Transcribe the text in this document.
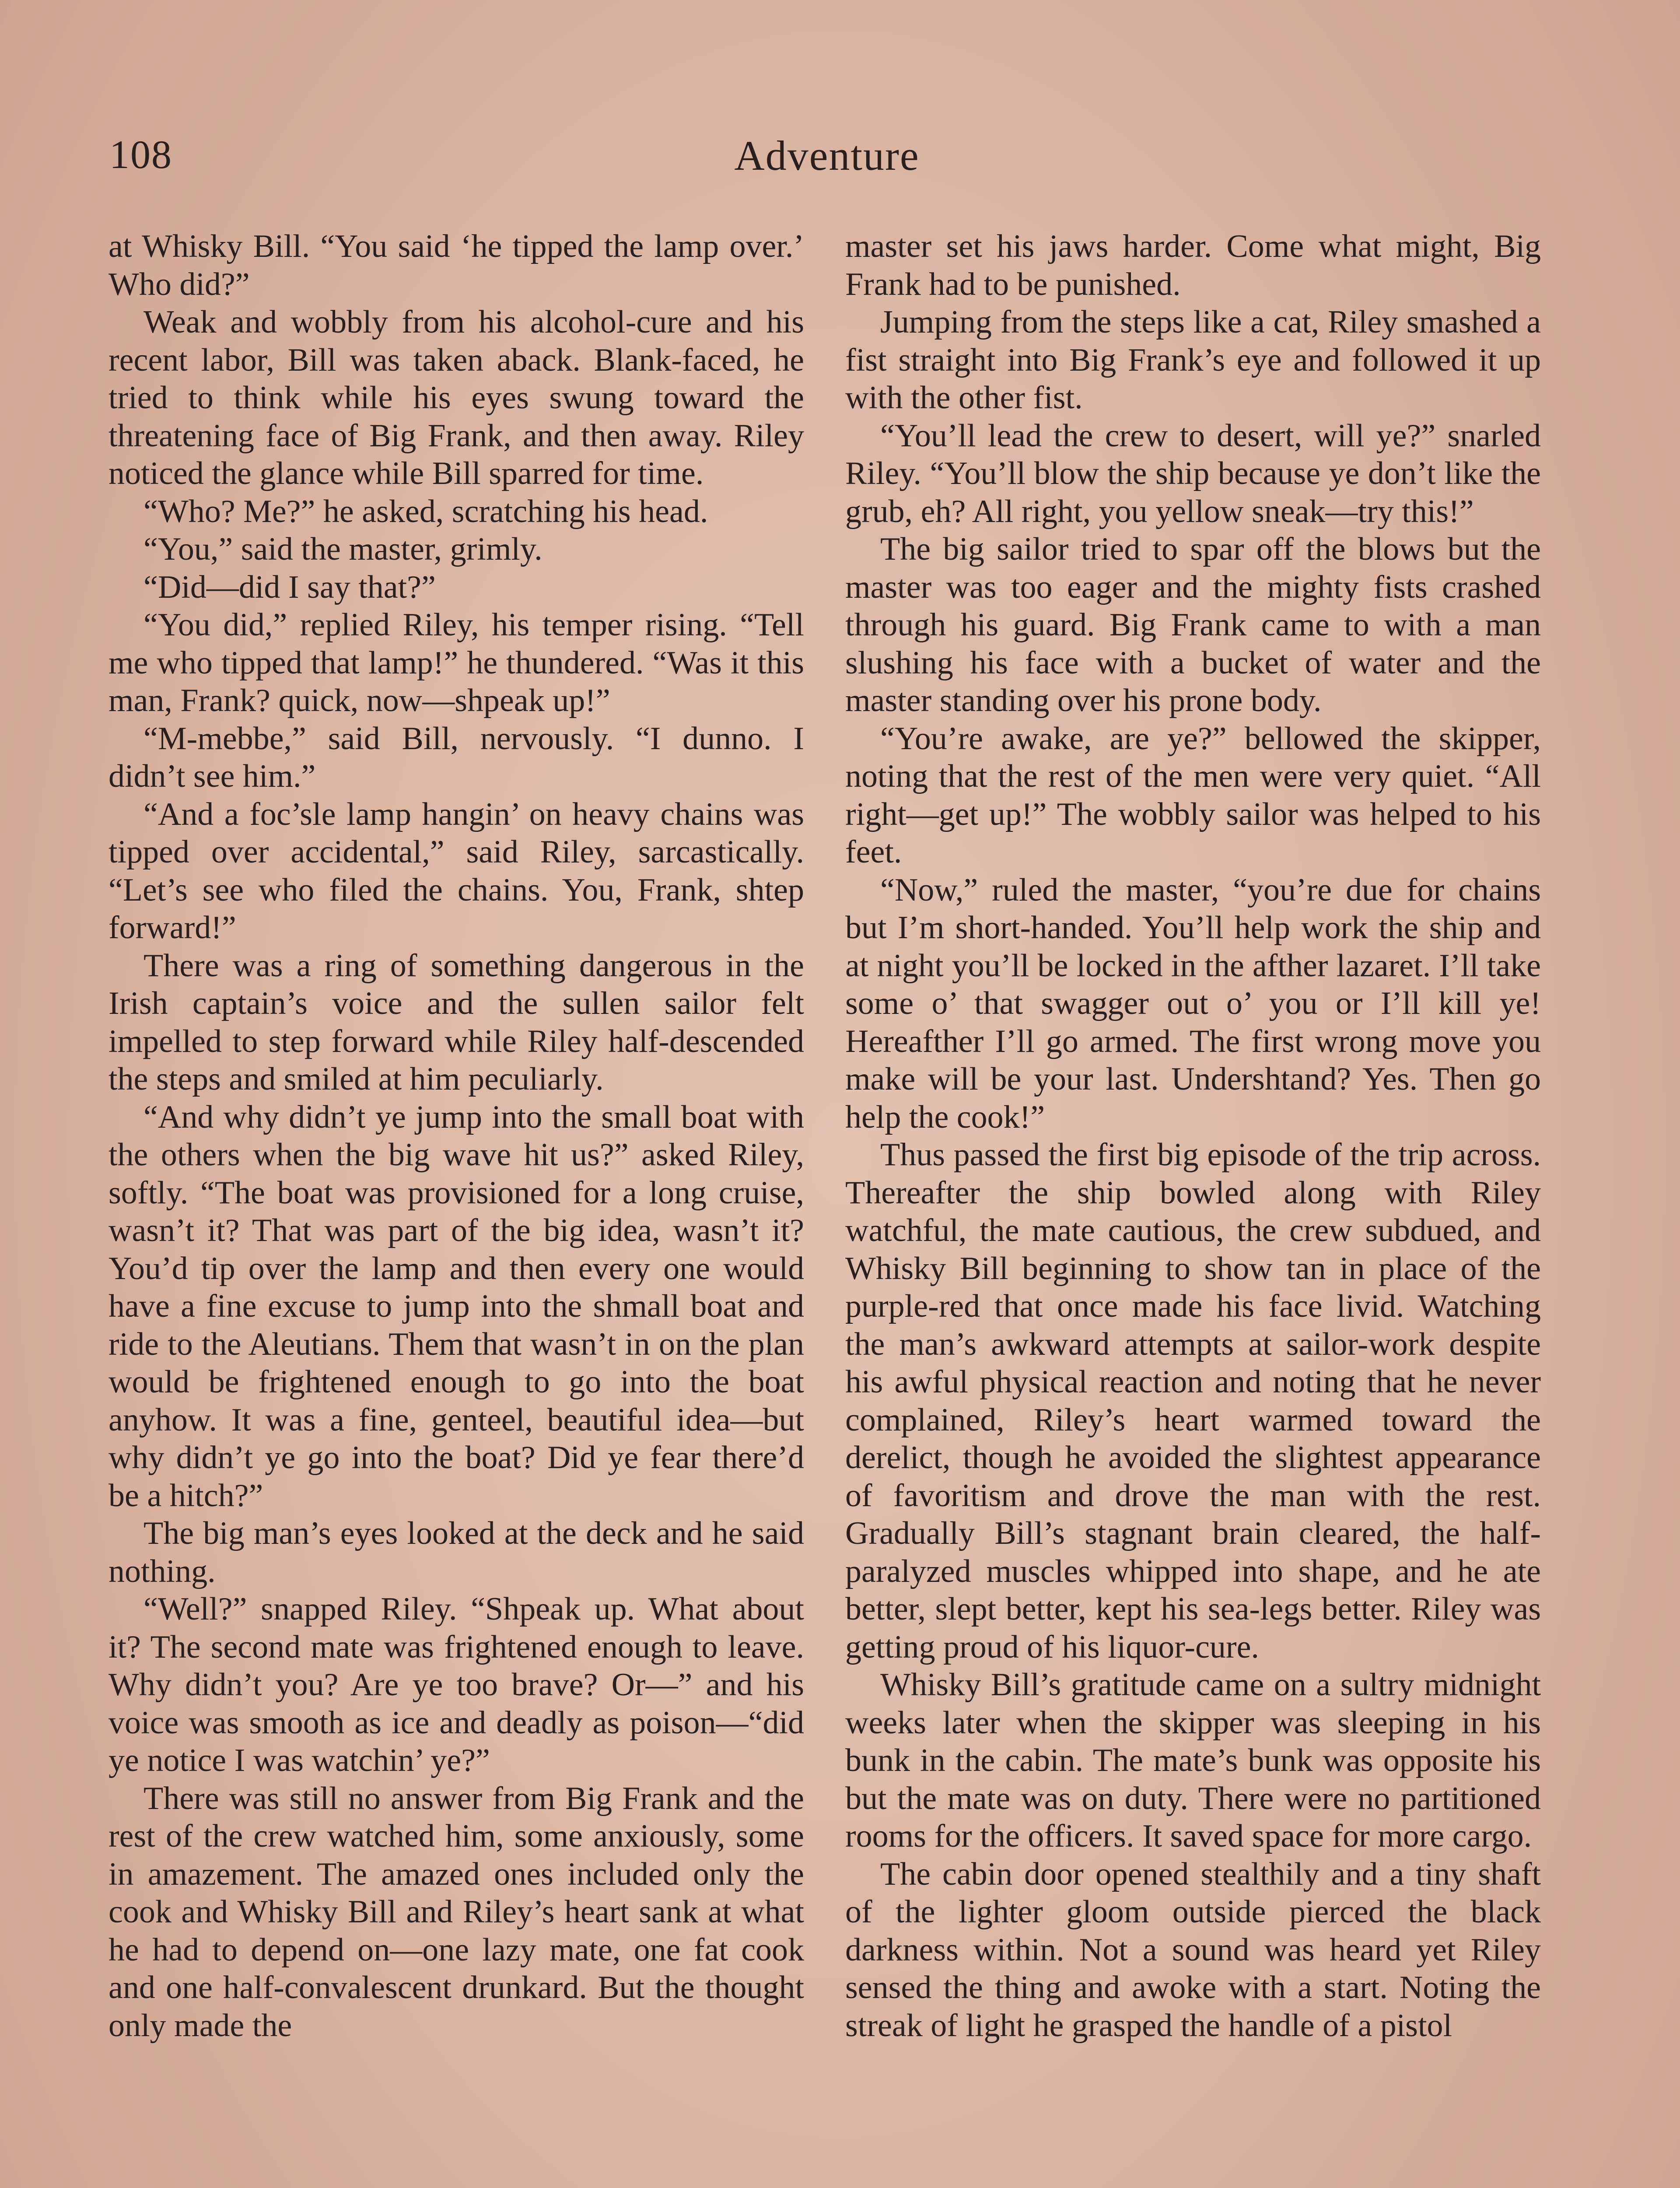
108	Adventure

at Whisky Bill. “You said ‘he tipped the lamp over.’ Who did?”

Weak and wobbly from his alcohol-cure and his recent labor, Bill was taken aback. Blank-faced, he tried to think while his eyes swung toward the threatening face of Big Frank, and then away. Riley noticed the glance while Bill sparred for time.

“Who? Me?” he asked, scratching his head.

“You,” said the master, grimly.

“Did—did I say that?”

“You did,” replied Riley, his temper rising. “Tell me who tipped that lamp!” he thundered. “Was it this man, Frank? quick, now—shpeak up!”

“M-mebbe,” said Bill, nervously. “I dunno. I didn’t see him.”

“And a foc’sle lamp hangin’ on heavy chains was tipped over accidental,” said Riley, sarcastically. “Let’s see who filed the chains. You, Frank, shtep forward!”

There was a ring of something dangerous in the Irish captain’s voice and the sullen sailor felt impelled to step forward while Riley half-descended the steps and smiled at him peculiarly.

“And why didn’t ye jump into the small boat with the others when the big wave hit us?” asked Riley, softly. “The boat was provisioned for a long cruise, wasn’t it? That was part of the big idea, wasn’t it? You’d tip over the lamp and then every one would have a fine excuse to jump into the shmall boat and ride to the Aleutians. Them that wasn’t in on the plan would be frightened enough to go into the boat anyhow. It was a fine, genteel, beautiful idea—but why didn’t ye go into the boat? Did ye fear there’d be a hitch?”

The big man’s eyes looked at the deck and he said nothing.

“Well?” snapped Riley. “Shpeak up. What about it? The second mate was frightened enough to leave. Why didn’t you? Are ye too brave? Or—” and his voice was smooth as ice and deadly as poison—“did ye notice I was watchin’ ye?”

There was still no answer from Big Frank and the rest of the crew watched him, some anxiously, some in amazement. The amazed ones included only the cook and Whisky Bill and Riley’s heart sank at what he had to depend on—one lazy mate, one fat cook and one half-convalescent drunkard. But the thought only made the

master set his jaws harder. Come what might, Big Frank had to be punished.

Jumping from the steps like a cat, Riley smashed a fist straight into Big Frank’s eye and followed it up with the other fist.

“You’ll lead the crew to desert, will ye?” snarled Riley. “You’ll blow the ship because ye don’t like the grub, eh? All right, you yellow sneak—try this!”

The big sailor tried to spar off the blows but the master was too eager and the mighty fists crashed through his guard. Big Frank came to with a man slushing his face with a bucket of water and the master standing over his prone body.

“You’re awake, are ye?” bellowed the skipper, noting that the rest of the men were very quiet. “All right—get up!” The wobbly sailor was helped to his feet.

“Now,” ruled the master, “you’re due for chains but I’m short-handed. You’ll help work the ship and at night you’ll be locked in the afther lazaret. I’ll take some o’ that swagger out o’ you or I’ll kill ye! Hereafther I’ll go armed. The first wrong move you make will be your last. Undershtand? Yes. Then go help the cook!”

Thus passed the first big episode of the trip across. Thereafter the ship bowled along with Riley watchful, the mate cautious, the crew subdued, and Whisky Bill beginning to show tan in place of the purple-red that once made his face livid. Watching the man’s awkward attempts at sailor-work despite his awful physical reaction and noting that he never complained, Riley’s heart warmed toward the derelict, though he avoided the slightest appearance of favoritism and drove the man with the rest. Gradually Bill’s stagnant brain cleared, the half-paralyzed muscles whipped into shape, and he ate better, slept better, kept his sea-legs better. Riley was getting proud of his liquor-cure.

Whisky Bill’s gratitude came on a sultry midnight weeks later when the skipper was sleeping in his bunk in the cabin. The mate’s bunk was opposite his but the mate was on duty. There were no partitioned rooms for the officers. It saved space for more cargo.

The cabin door opened stealthily and a tiny shaft of the lighter gloom outside pierced the black darkness within. Not a sound was heard yet Riley sensed the thing and awoke with a start. Noting the streak of light he grasped the handle of a pistol
